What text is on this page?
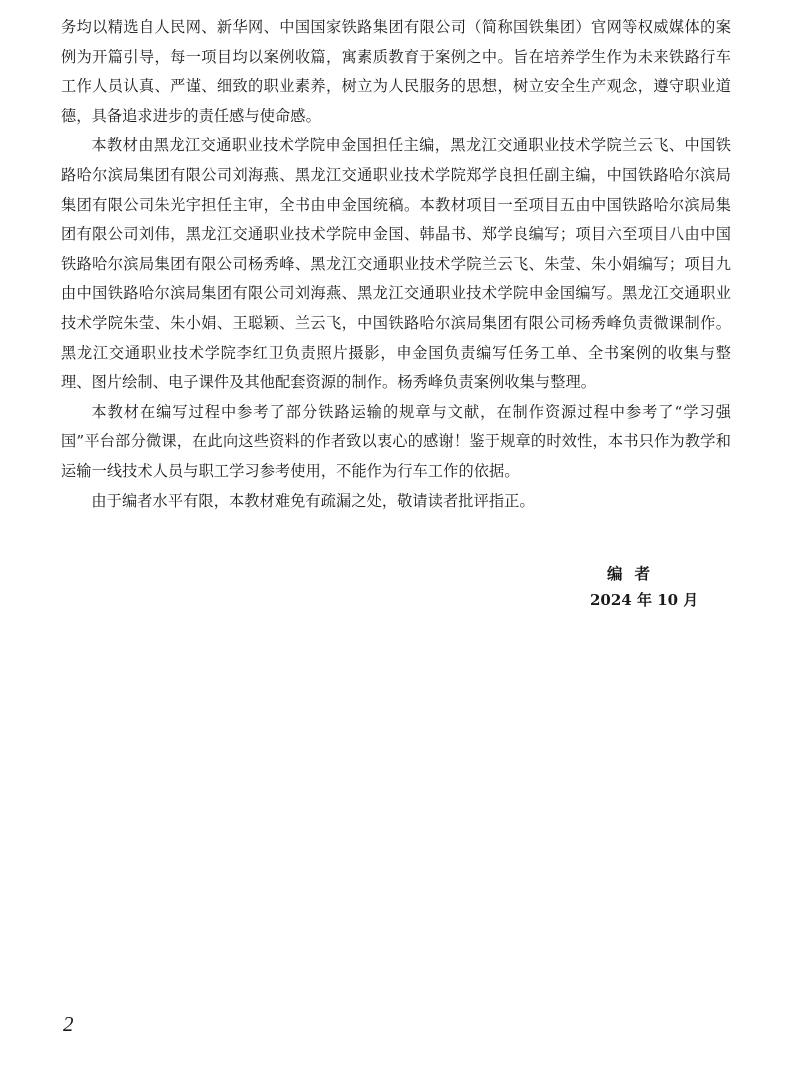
务均以精选自人民网、新华网、中国国家铁路集团有限公司（简称国铁集团）官网等权威媒体的案例为开篇引导，每一项目均以案例收篇，寓素质教育于案例之中。旨在培养学生作为未来铁路行车工作人员认真、严谨、细致的职业素养，树立为人民服务的思想，树立安全生产观念，遵守职业道德，具备追求进步的责任感与使命感。

本教材由黑龙江交通职业技术学院申金国担任主编，黑龙江交通职业技术学院兰云飞、中国铁路哈尔滨局集团有限公司刘海燕、黑龙江交通职业技术学院郑学良担任副主编，中国铁路哈尔滨局集团有限公司朱光宇担任主审，全书由申金国统稿。本教材项目一至项目五由中国铁路哈尔滨局集团有限公司刘伟，黑龙江交通职业技术学院申金国、韩晶书、郑学良编写；项目六至项目八由中国铁路哈尔滨局集团有限公司杨秀峰、黑龙江交通职业技术学院兰云飞、朱莹、朱小娟编写；项目九由中国铁路哈尔滨局集团有限公司刘海燕、黑龙江交通职业技术学院申金国编写。黑龙江交通职业技术学院朱莹、朱小娟、王聪颖、兰云飞，中国铁路哈尔滨局集团有限公司杨秀峰负责微课制作。黑龙江交通职业技术学院李红卫负责照片摄影，申金国负责编写任务工单、全书案例的收集与整理、图片绘制、电子课件及其他配套资源的制作。杨秀峰负责案例收集与整理。

本教材在编写过程中参考了部分铁路运输的规章与文献，在制作资源过程中参考了“学习强国”平台部分微课，在此向这些资料的作者致以衷心的感谢！鉴于规章的时效性，本书只作为教学和运输一线技术人员与职工学习参考使用，不能作为行车工作的依据。

由于编者水平有限，本教材难免有疏漏之处，敬请读者批评指正。

编者
2024 年 10 月
2
